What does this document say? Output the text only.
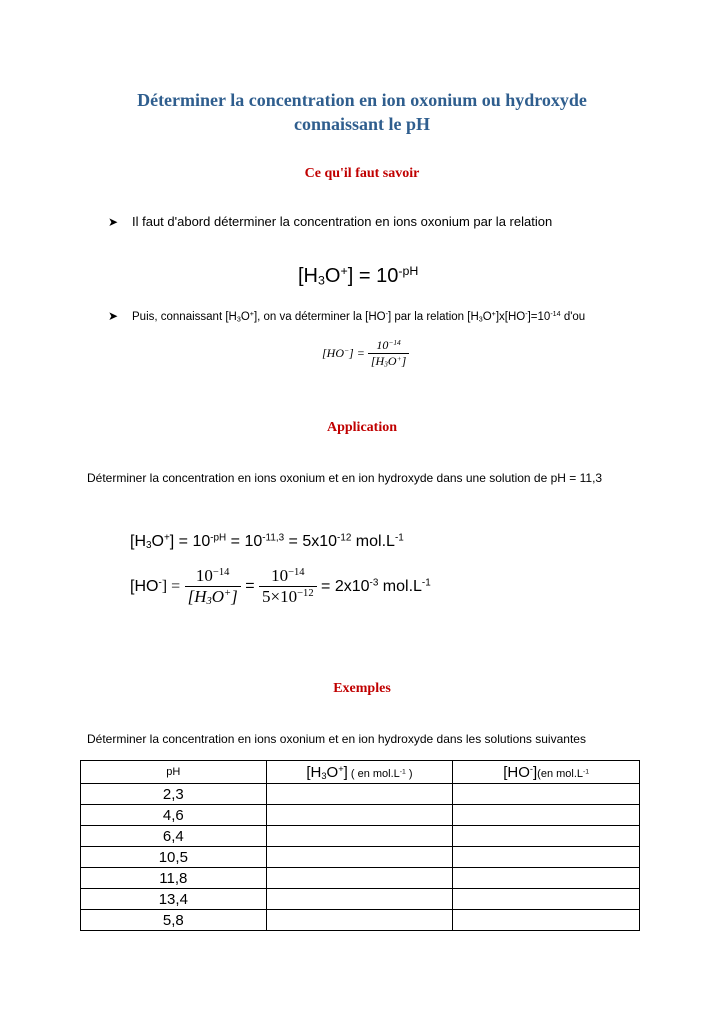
Déterminer la concentration en ion oxonium ou hydroxyde
connaissant le pH
Ce qu'il faut savoir
➤ Il faut d'abord déterminer la concentration en ions oxonium par la relation
$[H_3O^+] = 10^{-pH}$
➤ Puis, connaissant $[H_3O^+]$, on va déterminer la [HO-] par la relation $[H_3O^+]x[HO^-]=10^{-14}$ d'ou
$[HO^-] = \frac{10^{-14}}{[H_3O^+]}$
Application
Déterminer la concentration en ions oxonium et en ion hydroxyde dans une solution de pH = 11,3
$[H_3O^+] = 10^{-pH} = 10^{-11,3} = 5x10^{-12}$ $mol.L^{-1}$
$[HO^-] = \frac{10^{-14}}{[H_3O^+]} = \frac{10^{-14}}{5\times 10^{-12}} = 2x10^{-3}$ $mol.L^{-1}$
Exemples
Déterminer la concentration en ions oxonium et en ion hydroxyde dans les solutions suivantes
pH	$[H_3O^+]$ ( en $mol.L^{-1}$ )	[HO-](en $mol.L^{-1}$
2,3		
4,6		
6,4		
10,5		
11,8		
13,4		
5,8		
